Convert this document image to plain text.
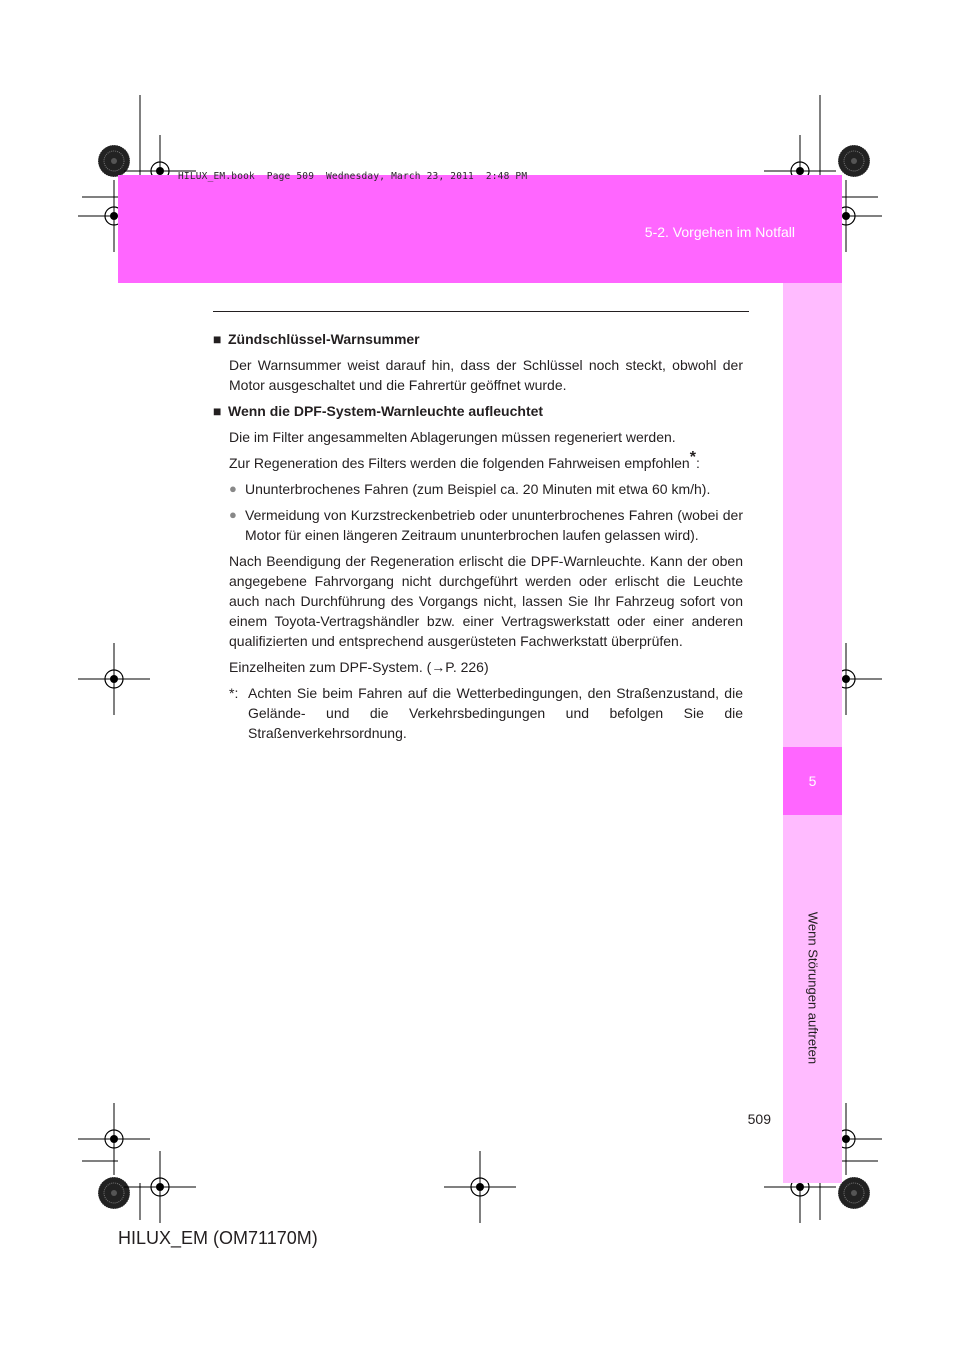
HILUX_EM.book  Page 509  Wednesday, March 23, 2011  2:48 PM
5-2. Vorgehen im Notfall
5
Wenn Störungen auftreten

■ Zündschlüssel-Warnsummer

Der Warnsummer weist darauf hin, dass der Schlüssel noch steckt, obwohl der Motor ausgeschaltet und die Fahrertür geöffnet wurde.

■ Wenn die DPF-System-Warnleuchte aufleuchtet

Die im Filter angesammelten Ablagerungen müssen regeneriert werden.

Zur Regeneration des Filters werden die folgenden Fahrweisen empfohlen*:

● Ununterbrochenes Fahren (zum Beispiel ca. 20 Minuten mit etwa 60 km/h).
● Vermeidung von Kurzstreckenbetrieb oder ununterbrochenes Fahren (wobei der Motor für einen längeren Zeitraum ununterbrochen laufen gelassen wird).

Nach Beendigung der Regeneration erlischt die DPF-Warnleuchte. Kann der oben angegebene Fahrvorgang nicht durchgeführt werden oder erlischt die Leuchte auch nach Durchführung des Vorgangs nicht, lassen Sie Ihr Fahrzeug sofort von einem Toyota-Vertragshändler bzw. einer Vertragswerkstatt oder einer anderen qualifizierten und entsprechend ausgerüsteten Fachwerkstatt überprüfen.

Einzelheiten zum DPF-System. (→P. 226)

*: Achten Sie beim Fahren auf die Wetterbedingungen, den Straßenzustand, die Gelände- und die Verkehrsbedingungen und befolgen Sie die Straßenverkehrsordnung.
509
HILUX_EM (OM71170M)
